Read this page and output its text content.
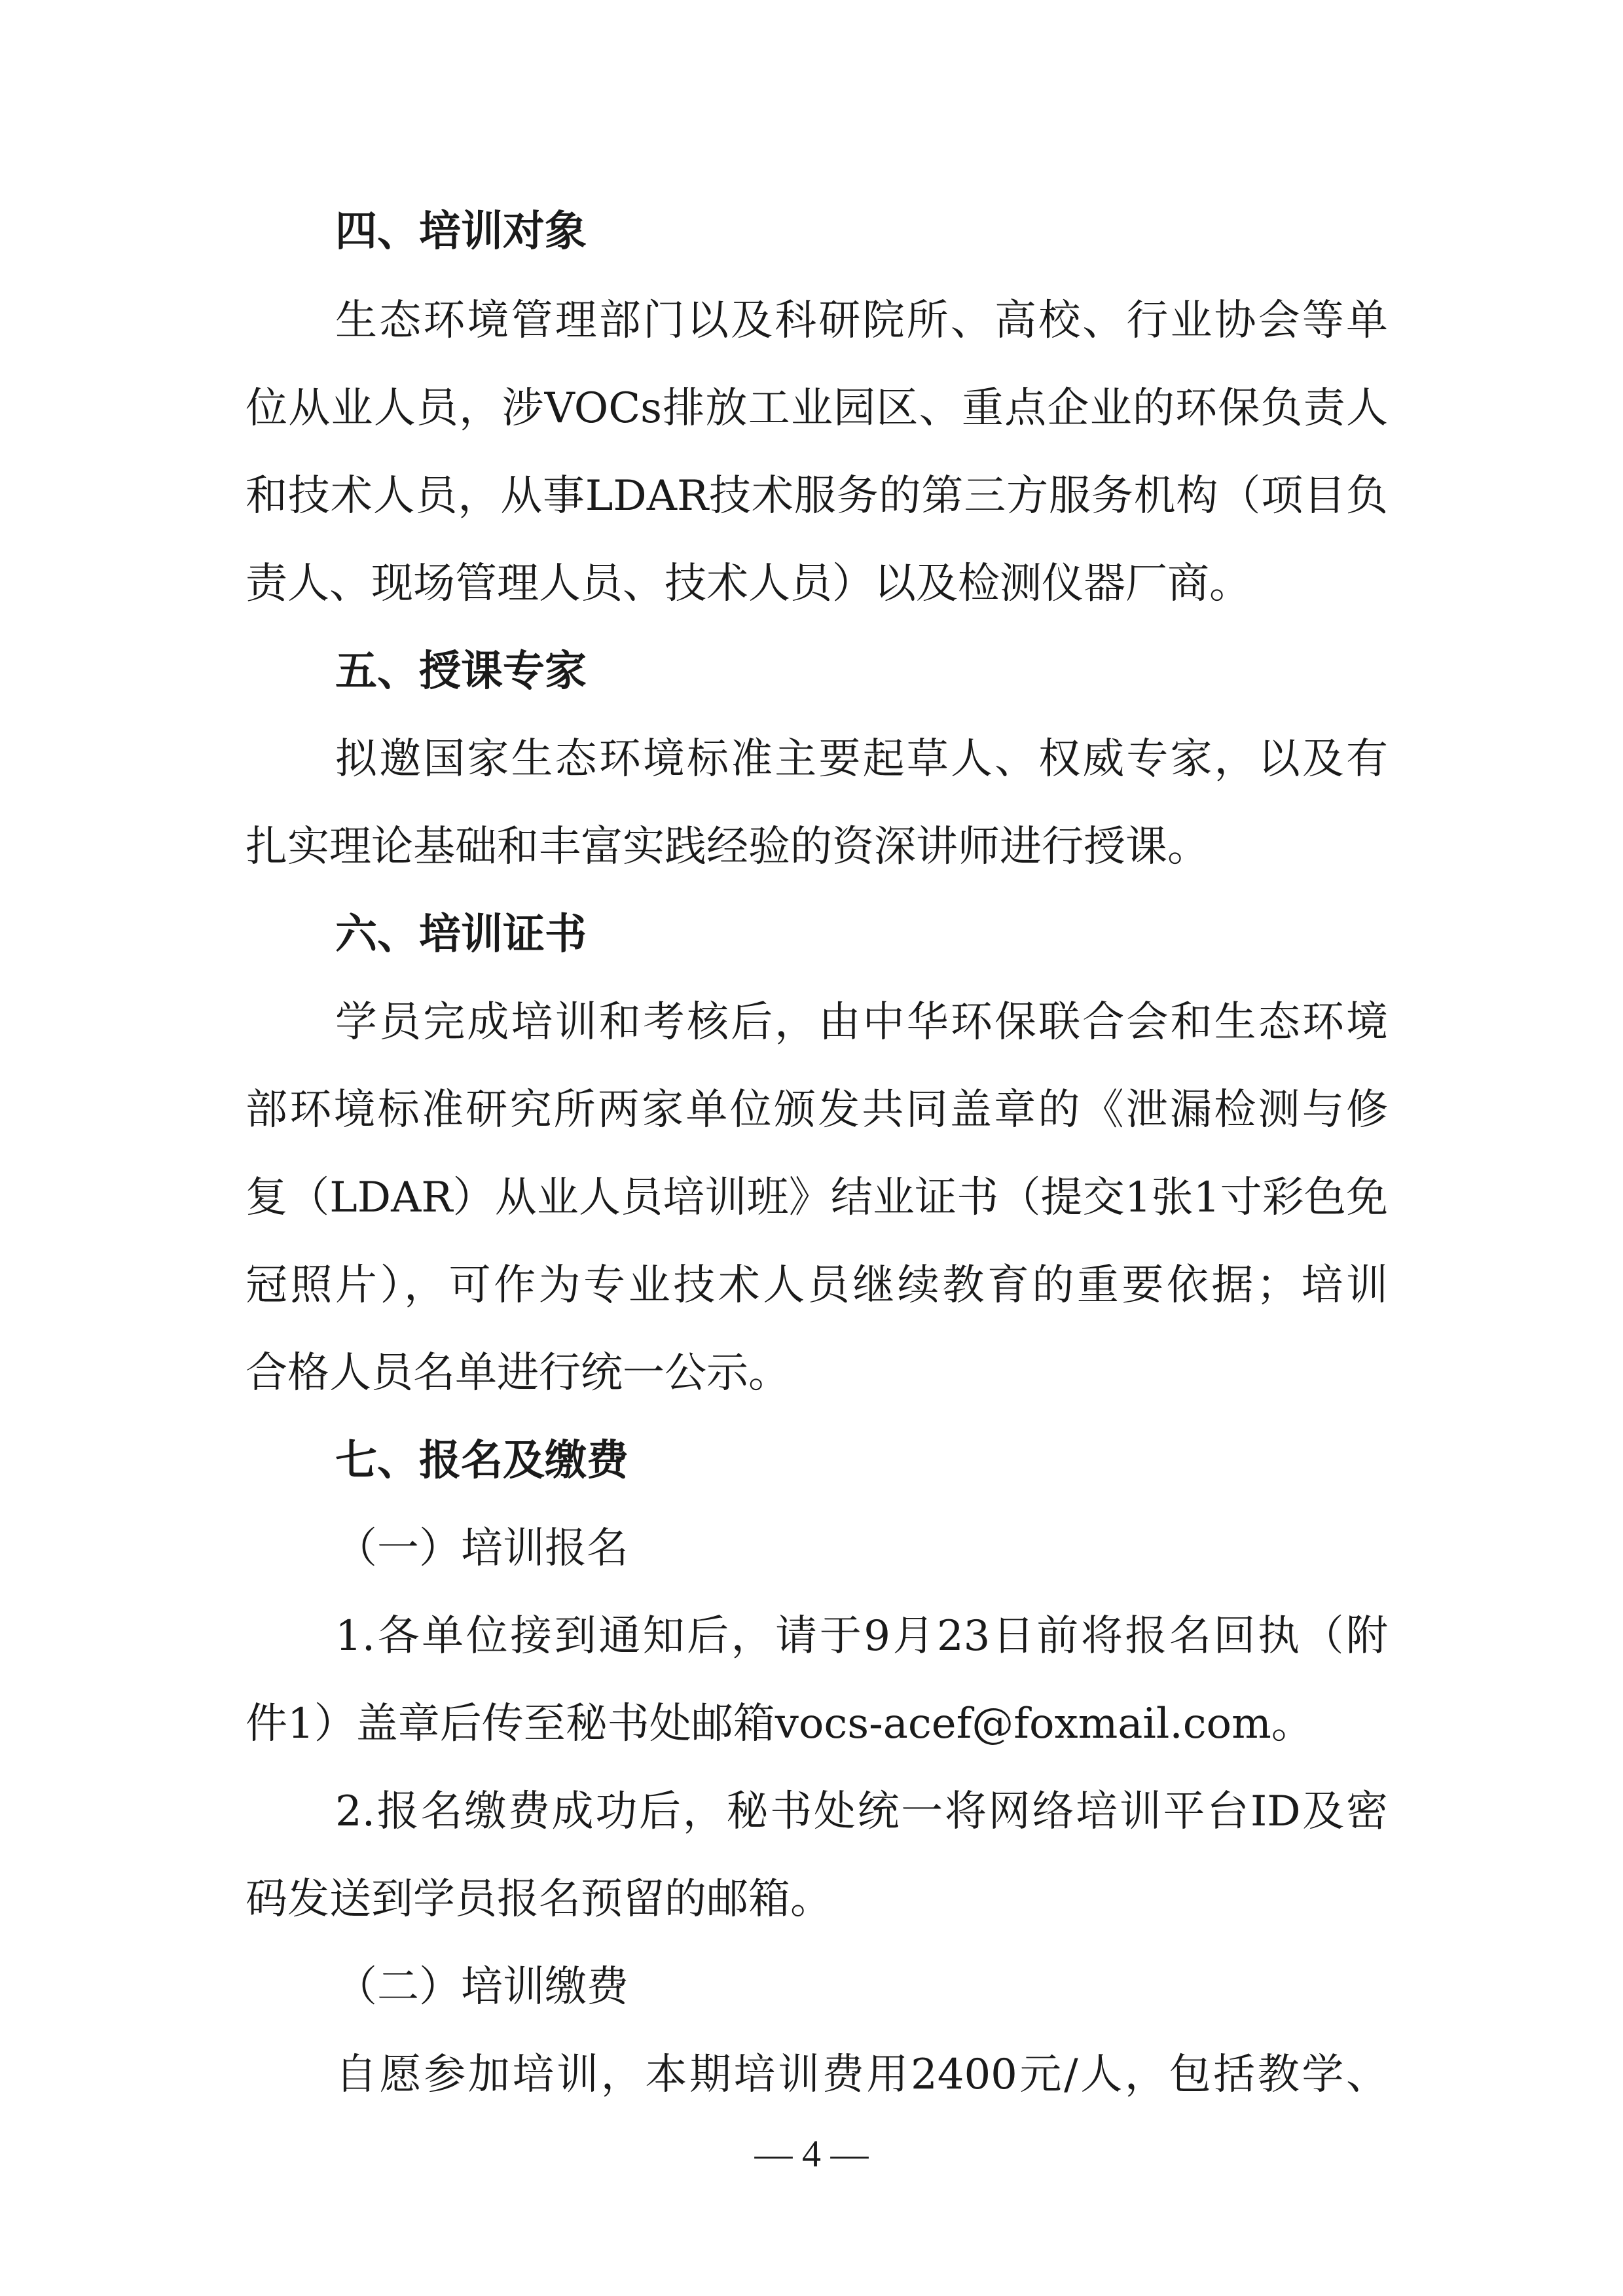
四、培训对象
生态环境管理部门以及科研院所、高校、行业协会等单
位从业人员，涉VOCs排放工业园区、重点企业的环保负责人
和技术人员，从事LDAR技术服务的第三方服务机构（项目负
责人、现场管理人员、技术人员）以及检测仪器厂商。
五、授课专家
拟邀国家生态环境标准主要起草人、权威专家，以及有
扎实理论基础和丰富实践经验的资深讲师进行授课。
六、培训证书
学员完成培训和考核后，由中华环保联合会和生态环境
部环境标准研究所两家单位颁发共同盖章的《泄漏检测与修
复（LDAR）从业人员培训班》结业证书（提交1张1寸彩色免
冠照片），可作为专业技术人员继续教育的重要依据；培训
合格人员名单进行统一公示。
七、报名及缴费
（一）培训报名
1.各单位接到通知后，请于9月23日前将报名回执（附
件1）盖章后传至秘书处邮箱vocs-acef@foxmail.com。
2.报名缴费成功后，秘书处统一将网络培训平台ID及密
码发送到学员报名预留的邮箱。
（二）培训缴费
自愿参加培训，本期培训费用2400元/人，包括教学、
— 4 —
